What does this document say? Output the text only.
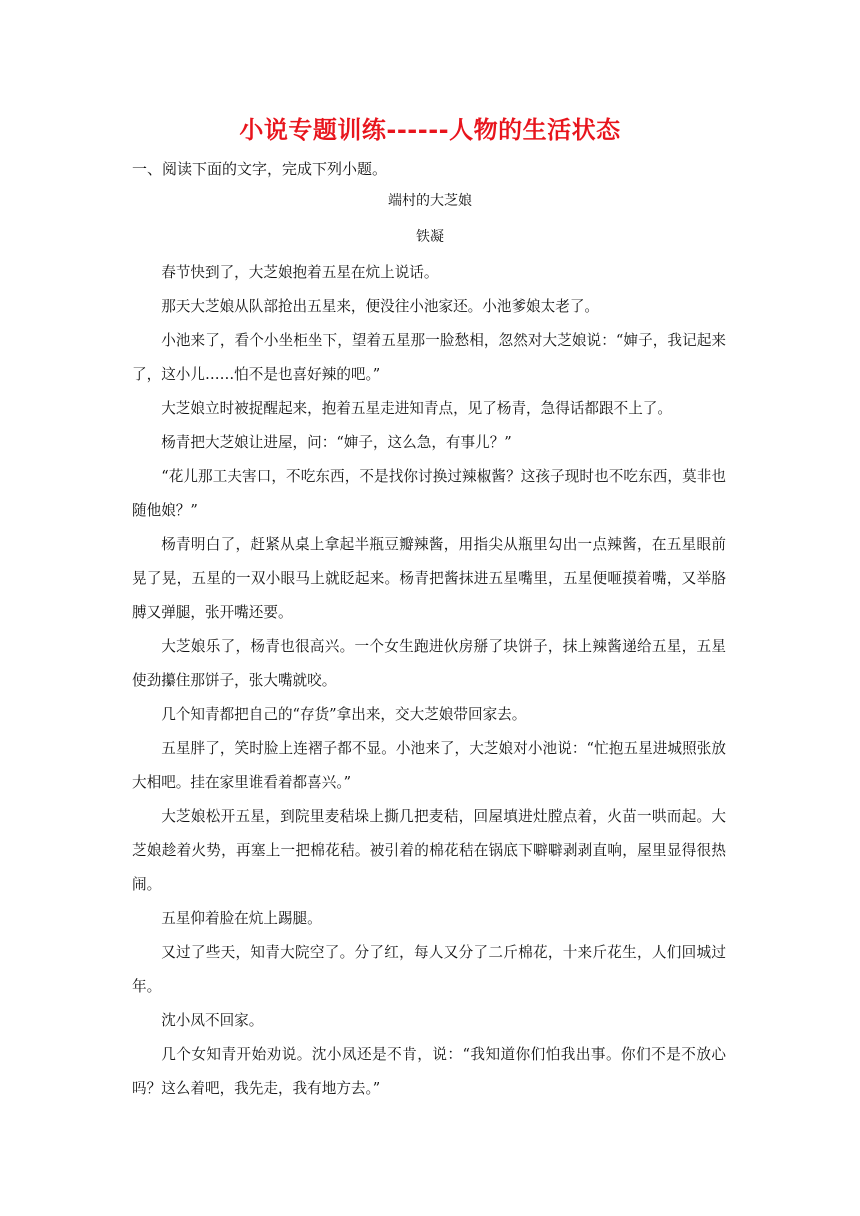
小说专题训练------人物的生活状态

一、阅读下面的文字，完成下列小题。

端村的大芝娘

铁凝

春节快到了，大芝娘抱着五星在炕上说话。

那天大芝娘从队部抢出五星来，便没往小池家还。小池爹娘太老了。

小池来了，看个小坐柜坐下，望着五星那一脸愁相，忽然对大芝娘说：“婶子，我记起来了，这小儿……怕不是也喜好辣的吧。”

大芝娘立时被捉醒起来，抱着五星走进知青点，见了杨青，急得话都跟不上了。

杨青把大芝娘让进屋，问：“婶子，这么急，有事儿？”

“花儿那工夫害口，不吃东西，不是找你讨换过辣椒酱？这孩子现时也不吃东西，莫非也随他娘？”

杨青明白了，赶紧从桌上拿起半瓶豆瓣辣酱，用指尖从瓶里勾出一点辣酱，在五星眼前晃了晃，五星的一双小眼马上就眨起来。杨青把酱抹进五星嘴里，五星便咂摸着嘴，又举胳膊又弹腿，张开嘴还要。

大芝娘乐了，杨青也很高兴。一个女生跑进伙房掰了块饼子，抹上辣酱递给五星，五星使劲攥住那饼子，张大嘴就咬。

几个知青都把自己的“存货”拿出来，交大芝娘带回家去。

五星胖了，笑时脸上连褶子都不显。小池来了，大芝娘对小池说：“忙抱五星进城照张放大相吧。挂在家里谁看着都喜兴。”

大芝娘松开五星，到院里麦秸垛上撕几把麦秸，回屋填进灶膛点着，火苗一哄而起。大芝娘趁着火势，再塞上一把棉花秸。被引着的棉花秸在锅底下噼噼剥剥直响，屋里显得很热闹。

五星仰着脸在炕上踢腿。

又过了些天，知青大院空了。分了红，每人又分了二斤棉花，十来斤花生，人们回城过年。

沈小凤不回家。

几个女知青开始劝说。沈小凤还是不肯，说：“我知道你们怕我出事。你们不是不放心吗？这么着吧，我先走，我有地方去。”
